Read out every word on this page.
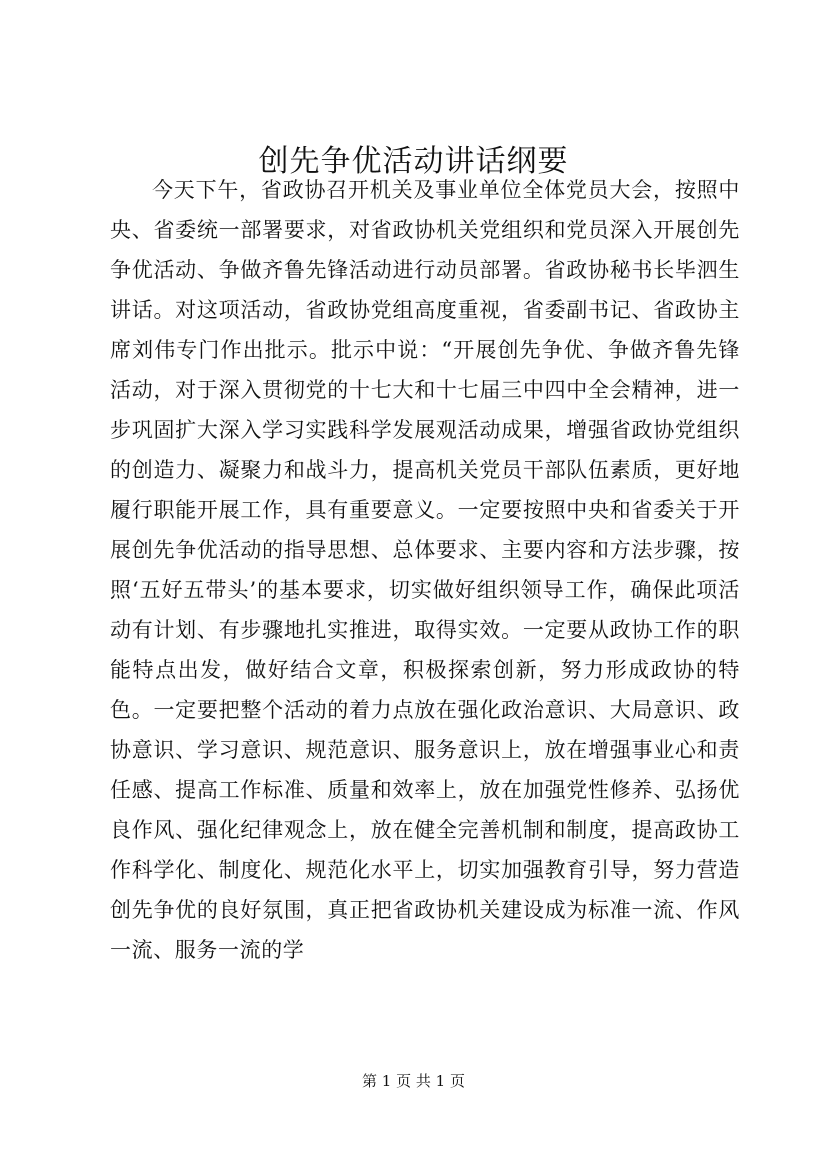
创先争优活动讲话纲要

今天下午，省政协召开机关及事业单位全体党员大会，按照中央、省委统一部署要求，对省政协机关党组织和党员深入开展创先争优活动、争做齐鲁先锋活动进行动员部署。省政协秘书长毕泗生讲话。对这项活动，省政协党组高度重视，省委副书记、省政协主席刘伟专门作出批示。批示中说：“开展创先争优、争做齐鲁先锋活动，对于深入贯彻党的十七大和十七届三中四中全会精神，进一步巩固扩大深入学习实践科学发展观活动成果，增强省政协党组织的创造力、凝聚力和战斗力，提高机关党员干部队伍素质，更好地履行职能开展工作，具有重要意义。一定要按照中央和省委关于开展创先争优活动的指导思想、总体要求、主要内容和方法步骤，按照‘五好五带头’的基本要求，切实做好组织领导工作，确保此项活动有计划、有步骤地扎实推进，取得实效。一定要从政协工作的职能特点出发，做好结合文章，积极探索创新，努力形成政协的特色。一定要把整个活动的着力点放在强化政治意识、大局意识、政协意识、学习意识、规范意识、服务意识上，放在增强事业心和责任感、提高工作标准、质量和效率上，放在加强党性修养、弘扬优良作风、强化纪律观念上，放在健全完善机制和制度，提高政协工作科学化、制度化、规范化水平上，切实加强教育引导，努力营造创先争优的良好氛围，真正把省政协机关建设成为标准一流、作风一流、服务一流的学

第 1 页 共 1 页
